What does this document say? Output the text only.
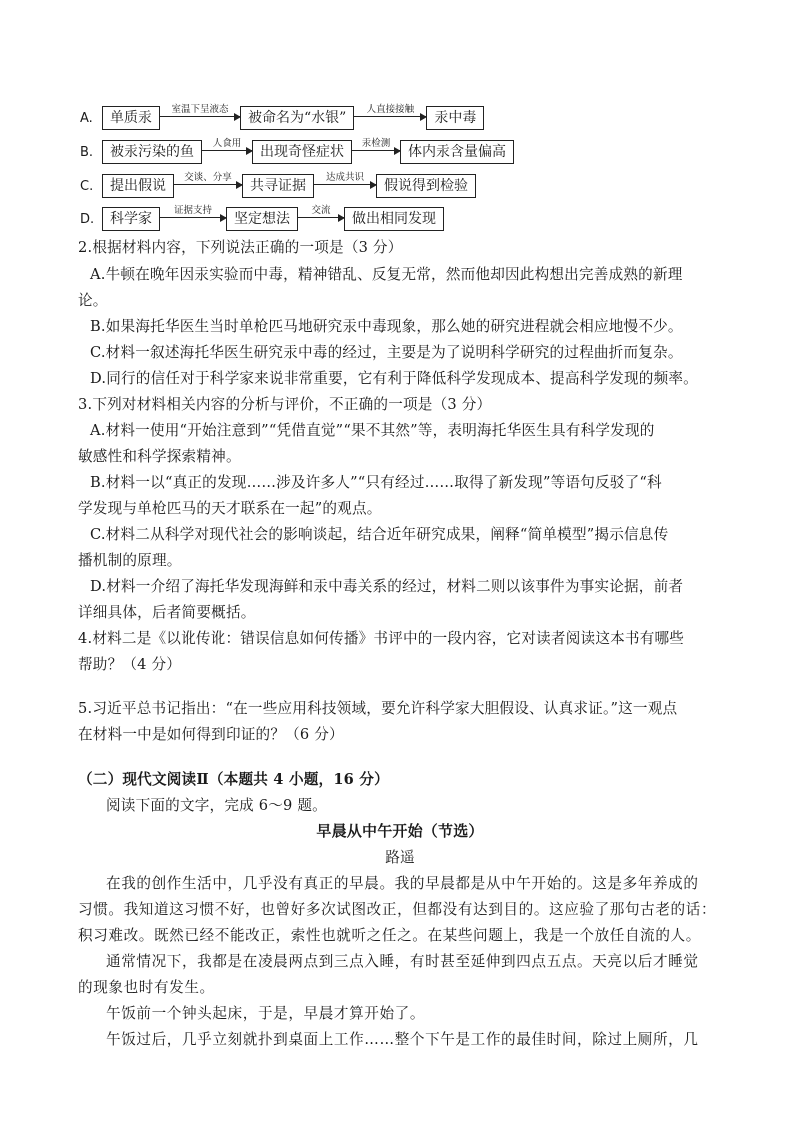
A.	单质汞
室温下呈液态
被命名为“水银”
人直接接触
汞中毒
B.	被汞污染的鱼
人食用
出现奇怪症状
汞检测
体内汞含量偏高
C.	提出假说
交谈、分享
共寻证据
达成共识
假说得到检验
D.	科学家
证据支持
坚定想法
交流
做出相同发现
2.根据材料内容，下列说法正确的一项是（3 分）
A.牛顿在晚年因汞实验而中毒，精神错乱、反复无常，然而他却因此构想出完善成熟的新理
论。
B.如果海托华医生当时单枪匹马地研究汞中毒现象，那么她的研究进程就会相应地慢不少。
C.材料一叙述海托华医生研究汞中毒的经过，主要是为了说明科学研究的过程曲折而复杂。
D.同行的信任对于科学家来说非常重要，它有利于降低科学发现成本、提高科学发现的频率。
3.下列对材料相关内容的分析与评价，不正确的一项是（3 分）
A.材料一使用“开始注意到”“凭借直觉”“果不其然”等，表明海托华医生具有科学发现的
敏感性和科学探索精神。
B.材料一以“真正的发现……涉及许多人”“只有经过……取得了新发现”等语句反驳了“科
学发现与单枪匹马的天才联系在一起”的观点。
C.材料二从科学对现代社会的影响谈起，结合近年研究成果，阐释“简单模型”揭示信息传
播机制的原理。
D.材料一介绍了海托华发现海鲜和汞中毒关系的经过，材料二则以该事件为事实论据，前者
详细具体，后者简要概括。
4.材料二是《以讹传讹：错误信息如何传播》书评中的一段内容，它对读者阅读这本书有哪些
帮助？（4 分）
5.习近平总书记指出：“在一些应用科技领域，要允许科学家大胆假设、认真求证。”这一观点
在材料一中是如何得到印证的？（6 分）
（二）现代文阅读Ⅱ（本题共 4 小题，16 分）
阅读下面的文字，完成 6～9 题。
早晨从中午开始（节选）
路遥
在我的创作生活中，几乎没有真正的早晨。我的早晨都是从中午开始的。这是多年养成的
习惯。我知道这习惯不好，也曾好多次试图改正，但都没有达到目的。这应验了那句古老的话：
积习难改。既然已经不能改正，索性也就听之任之。在某些问题上，我是一个放任自流的人。
通常情况下，我都是在凌晨两点到三点入睡，有时甚至延伸到四点五点。天亮以后才睡觉
的现象也时有发生。
午饭前一个钟头起床，于是，早晨才算开始了。
午饭过后，几乎立刻就扑到桌面上工作……整个下午是工作的最佳时间，除过上厕所，几
